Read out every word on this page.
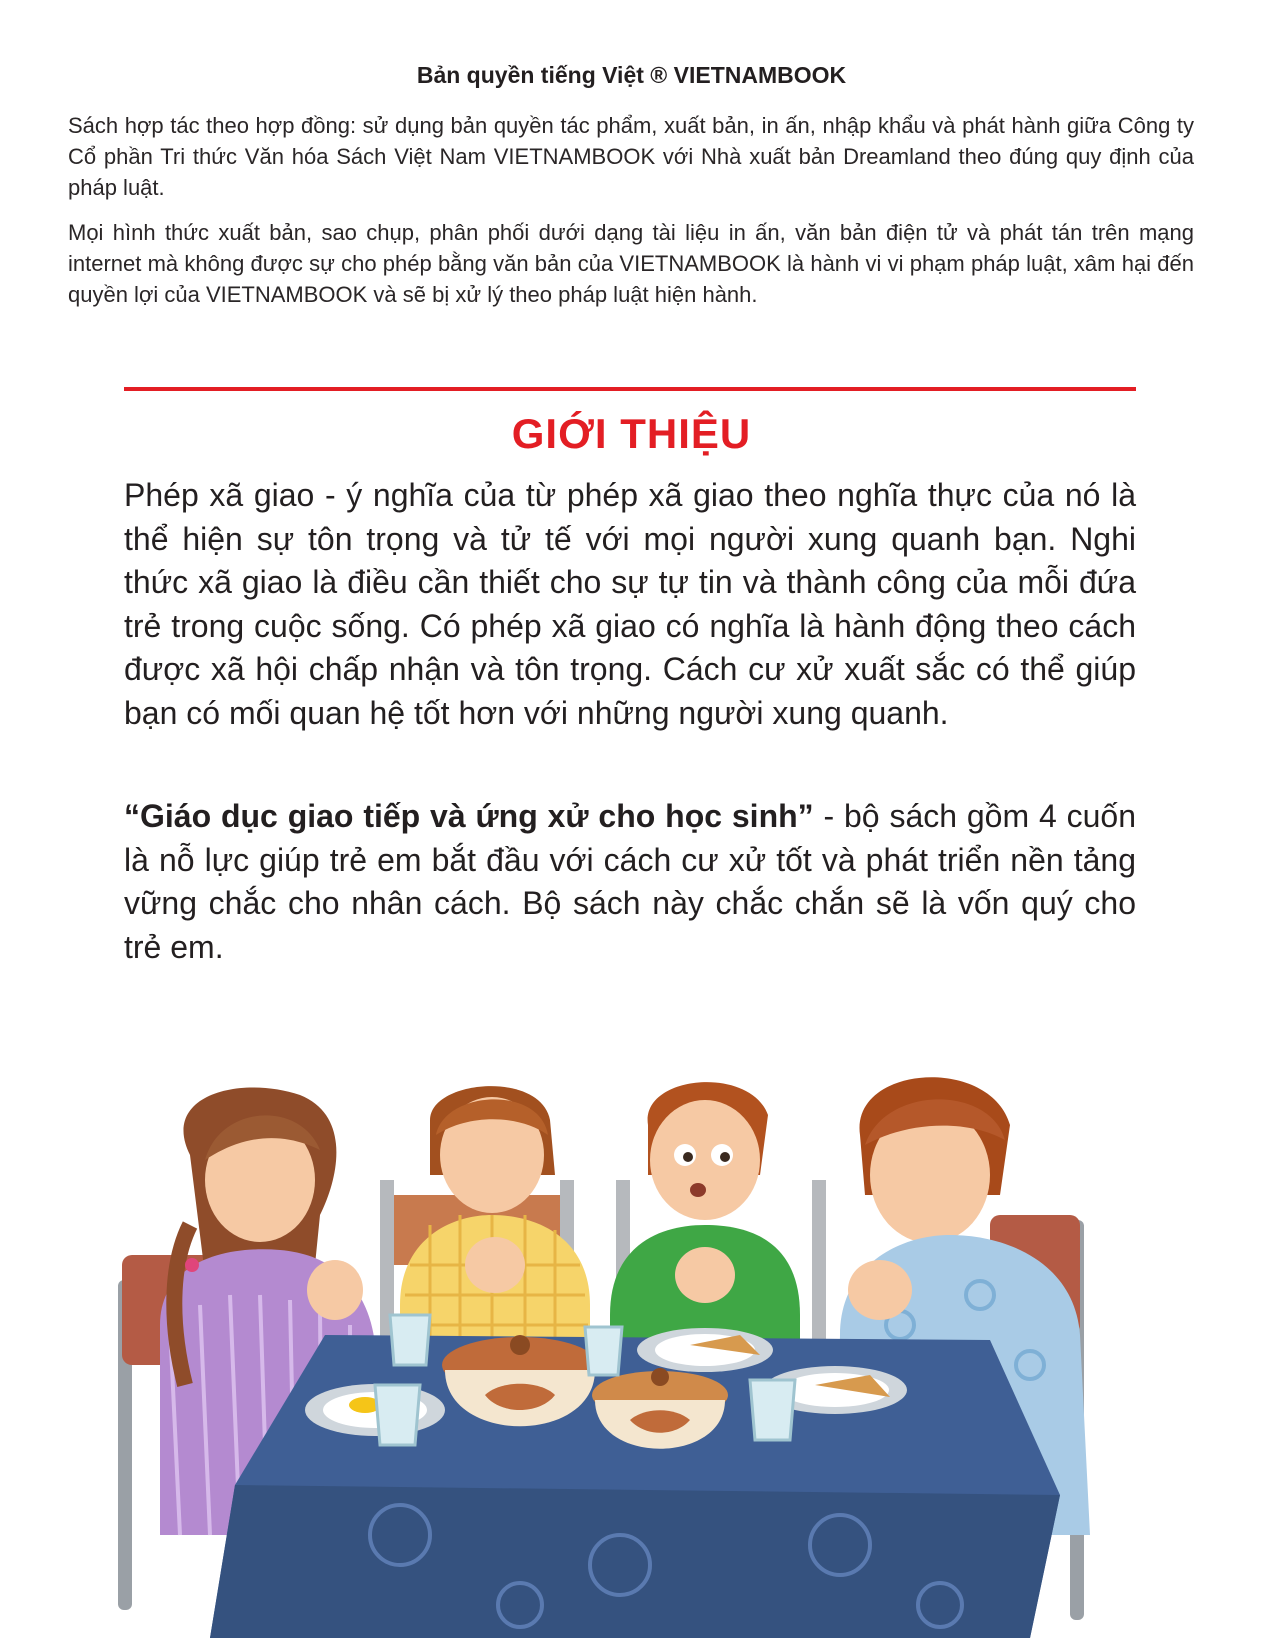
Bản quyền tiếng Việt ® VIETNAMBOOK

Sách hợp tác theo hợp đồng: sử dụng bản quyền tác phẩm, xuất bản, in ấn, nhập khẩu và phát hành giữa Công ty Cổ phần Tri thức Văn hóa Sách Việt Nam VIETNAMBOOK với Nhà xuất bản Dreamland theo đúng quy định của pháp luật.

Mọi hình thức xuất bản, sao chụp, phân phối dưới dạng tài liệu in ấn, văn bản điện tử và phát tán trên mạng internet mà không được sự cho phép bằng văn bản của VIETNAMBOOK là hành vi vi phạm pháp luật, xâm hại đến quyền lợi của VIETNAMBOOK và sẽ bị xử lý theo pháp luật hiện hành.

GIỚI THIỆU

Phép xã giao - ý nghĩa của từ phép xã giao theo nghĩa thực của nó là thể hiện sự tôn trọng và tử tế với mọi người xung quanh bạn. Nghi thức xã giao là điều cần thiết cho sự tự tin và thành công của mỗi đứa trẻ trong cuộc sống. Có phép xã giao có nghĩa là hành động theo cách được xã hội chấp nhận và tôn trọng. Cách cư xử xuất sắc có thể giúp bạn có mối quan hệ tốt hơn với những người xung quanh.

“Giáo dục giao tiếp và ứng xử cho học sinh” - bộ sách gồm 4 cuốn là nỗ lực giúp trẻ em bắt đầu với cách cư xử tốt và phát triển nền tảng vững chắc cho nhân cách. Bộ sách này chắc chắn sẽ là vốn quý cho trẻ em.
